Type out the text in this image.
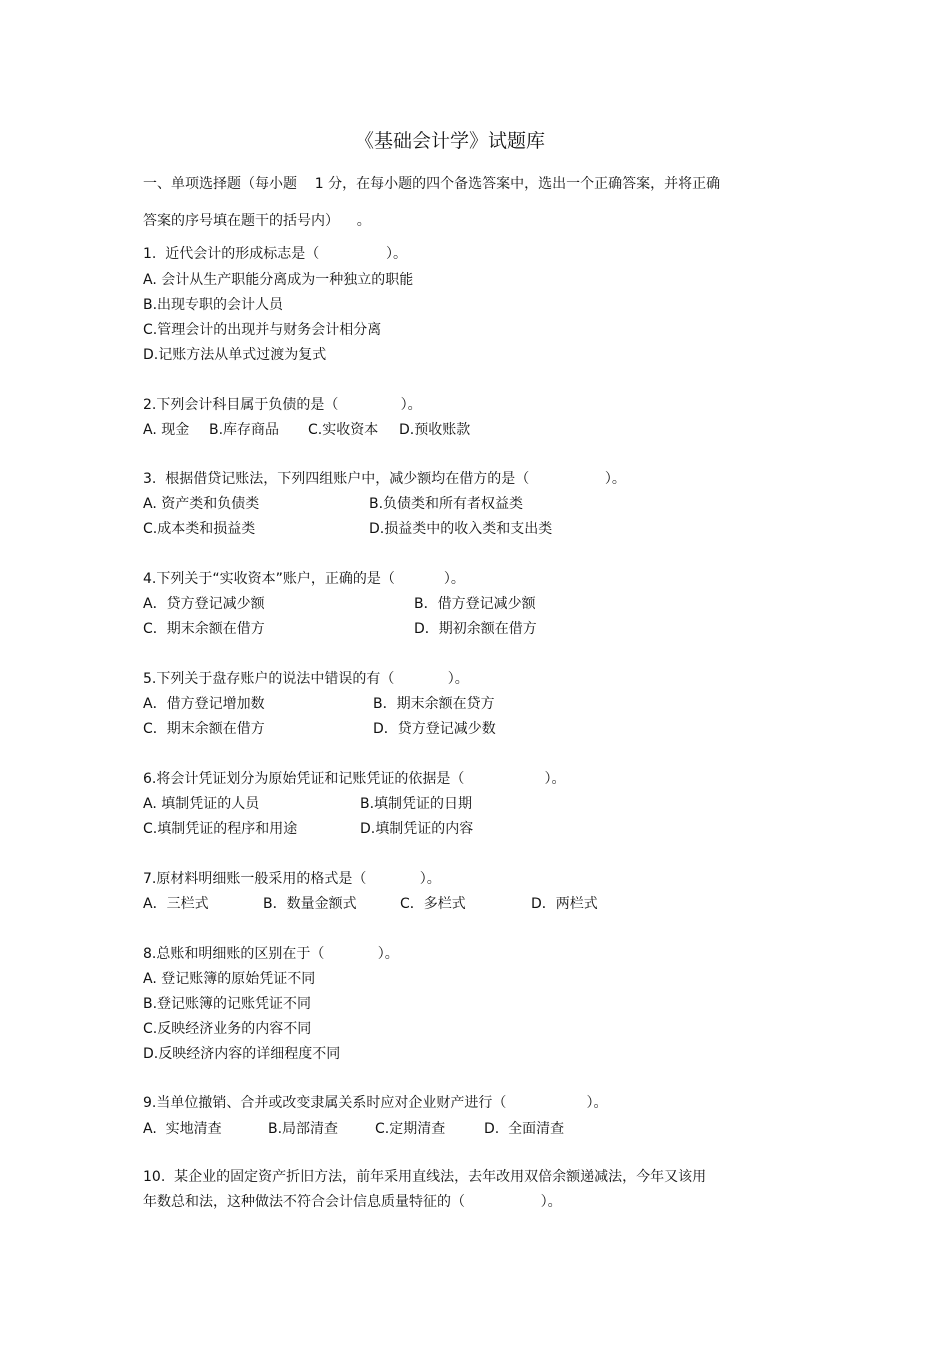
《基础会计学》试题库
一、单项选择题（每小题    1 分，在每小题的四个备选答案中，选出一个正确答案，并将正确
答案的序号填在题干的括号内）    。
1.  近代会计的形成标志是（               ）。
A. 会计从生产职能分离成为一种独立的职能
B.出现专职的会计人员
C.管理会计的出现并与财务会计相分离
D.记账方法从单式过渡为复式
2.下列会计科目属于负债的是（              ）。
A. 现金 B.库存商品 C.实收资本 D.预收账款
3.  根据借贷记账法，下列四组账户中，减少额均在借方的是（                 ）。
A. 资产类和负债类	B.负债类和所有者权益类
C.成本类和损益类	D.损益类中的收入类和支出类
4.下列关于“实收资本”账户，正确的是（           ）。
A．贷方登记减少额	B．借方登记减少额
C．期末余额在借方	D．期初余额在借方
5.下列关于盘存账户的说法中错误的有（            ）。
A．借方登记增加数	B．期末余额在贷方
C．期末余额在借方	D．贷方登记减少数
6.将会计凭证划分为原始凭证和记账凭证的依据是（                  ）。
A. 填制凭证的人员	B.填制凭证的日期
C.填制凭证的程序和用途	D.填制凭证的内容
7.原材料明细账一般采用的格式是（            ）。
A．三栏式	B．数量金额式	C．多栏式	D．两栏式
8.总账和明细账的区别在于（            ）。
A. 登记账簿的原始凭证不同
B.登记账簿的记账凭证不同
C.反映经济业务的内容不同
D.反映经济内容的详细程度不同
9.当单位撤销、合并或改变隶属关系时应对企业财产进行（                  ）。
A.  实地清查	B.局部清查	C.定期清查	D.  全面清查
10.  某企业的固定资产折旧方法，前年采用直线法，去年改用双倍余额递减法，今年又该用
年数总和法，这种做法不符合会计信息质量特征的（                 ）。
